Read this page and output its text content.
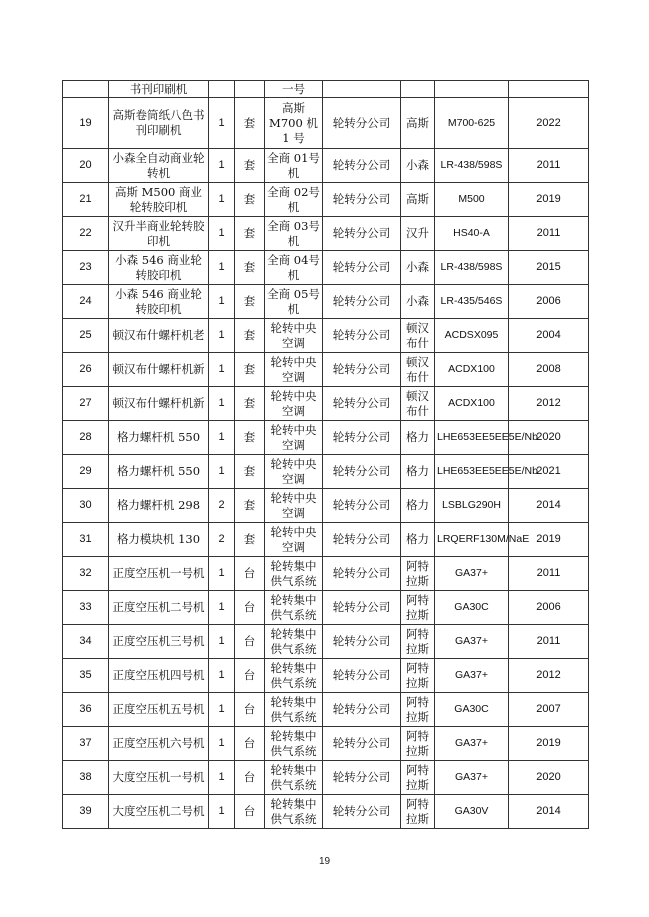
	书刊印刷机			一号				
19	高斯卷筒纸八色书刊印刷机	1	套	高斯M700 机1 号	轮转分公司	高斯	M700-625	2022
20	小森全自动商业轮转机	1	套	全商 01号机	轮转分公司	小森	LR-438/598S	2011
21	高斯 M500 商业轮转胶印机	1	套	全商 02号机	轮转分公司	高斯	M500	2019
22	汉升半商业轮转胶印机	1	套	全商 03号机	轮转分公司	汉升	HS40-A	2011
23	小森 546 商业轮转胶印机	1	套	全商 04号机	轮转分公司	小森	LR-438/598S	2015
24	小森 546 商业轮转胶印机	1	套	全商 05号机	轮转分公司	小森	LR-435/546S	2006
25	顿汉布什螺杆机老	1	套	轮转中央空调	轮转分公司	顿汉布什	ACDSX095	2004
26	顿汉布什螺杆机新	1	套	轮转中央空调	轮转分公司	顿汉布什	ACDX100	2008
27	顿汉布什螺杆机新	1	套	轮转中央空调	轮转分公司	顿汉布什	ACDX100	2012
28	格力螺杆机 550	1	套	轮转中央空调	轮转分公司	格力	LHE653EE5EE5E/Nb	2020
29	格力螺杆机 550	1	套	轮转中央空调	轮转分公司	格力	LHE653EE5EE5E/Nb	2021
30	格力螺杆机 298	2	套	轮转中央空调	轮转分公司	格力	LSBLG290H	2014
31	格力模块机 130	2	套	轮转中央空调	轮转分公司	格力	LRQERF130M/NaE	2019
32	正度空压机一号机	1	台	轮转集中供气系统	轮转分公司	阿特拉斯	GA37+	2011
33	正度空压机二号机	1	台	轮转集中供气系统	轮转分公司	阿特拉斯	GA30C	2006
34	正度空压机三号机	1	台	轮转集中供气系统	轮转分公司	阿特拉斯	GA37+	2011
35	正度空压机四号机	1	台	轮转集中供气系统	轮转分公司	阿特拉斯	GA37+	2012
36	正度空压机五号机	1	台	轮转集中供气系统	轮转分公司	阿特拉斯	GA30C	2007
37	正度空压机六号机	1	台	轮转集中供气系统	轮转分公司	阿特拉斯	GA37+	2019
38	大度空压机一号机	1	台	轮转集中供气系统	轮转分公司	阿特拉斯	GA37+	2020
39	大度空压机二号机	1	台	轮转集中供气系统	轮转分公司	阿特拉斯	GA30V	2014
19
